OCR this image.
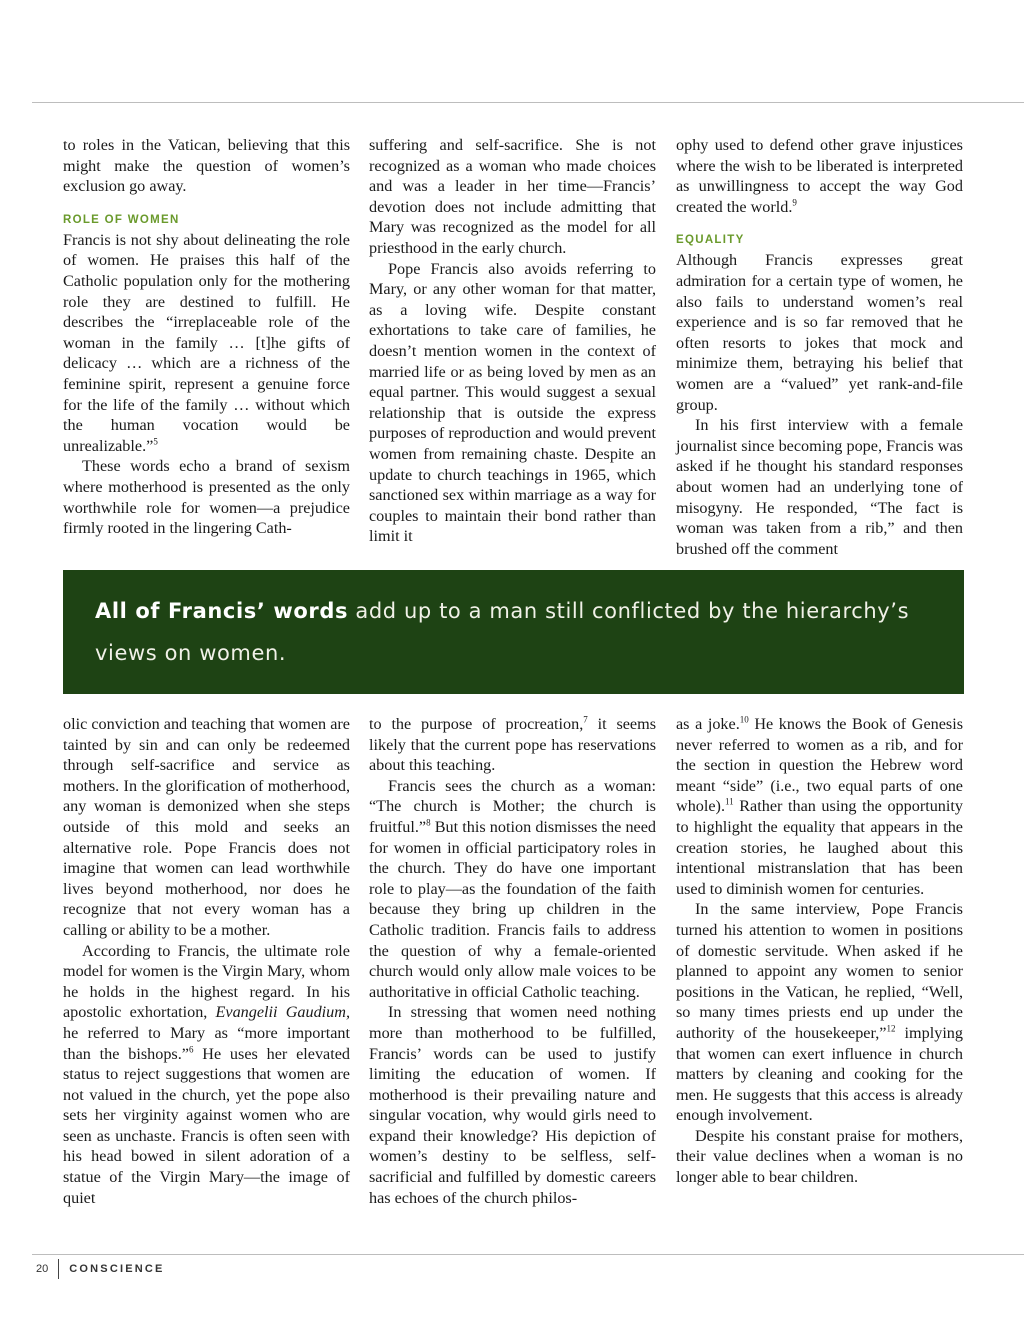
to roles in the Vatican, believing that this might make the question of women’s exclusion go away.

ROLE OF WOMEN

Francis is not shy about delineating the role of women. He praises this half of the Catholic population only for the mothering role they are destined to fulfill. He describes the “irreplaceable role of the woman in the family … [t]he gifts of delicacy … which are a richness of the feminine spirit, represent a genuine force for the life of the family … without which the human vocation would be unrealizable.”$^5$

These words echo a brand of sexism where motherhood is presented as the only worthwhile role for women—a prejudice firmly rooted in the lingering Cath-

suffering and self-sacrifice. She is not recognized as a woman who made choices and was a leader in her time—Francis’ devotion does not include admitting that Mary was recognized as the model for all priesthood in the early church.

Pope Francis also avoids referring to Mary, or any other woman for that matter, as a loving wife. Despite constant exhortations to take care of families, he doesn’t mention women in the context of married life or as being loved by men as an equal partner. This would suggest a sexual relationship that is outside the express purposes of reproduction and would prevent women from remaining chaste. Despite an update to church teachings in 1965, which sanctioned sex within marriage as a way for couples to maintain their bond rather than limit it

ophy used to defend other grave injustices where the wish to be liberated is interpreted as unwillingness to accept the way God created the world.$^9$

EQUALITY

Although Francis expresses great admiration for a certain type of women, he also fails to understand women’s real experience and is so far removed that he often resorts to jokes that mock and minimize them, betraying his belief that women are a “valued” yet rank-and-file group.

In his first interview with a female journalist since becoming pope, Francis was asked if he thought his standard responses about women had an underlying tone of misogyny. He responded, “The fact is woman was taken from a rib,” and then brushed off the comment

All of Francis’ words add up to a man still conflicted by the hierarchy’s views on women.

olic conviction and teaching that women are tainted by sin and can only be redeemed through self-sacrifice and service as mothers. In the glorification of motherhood, any woman is demonized when she steps outside of this mold and seeks an alternative role. Pope Francis does not imagine that women can lead worthwhile lives beyond motherhood, nor does he recognize that not every woman has a calling or ability to be a mother.

According to Francis, the ultimate role model for women is the Virgin Mary, whom he holds in the highest regard. In his apostolic exhortation, Evangelii Gaudium, he referred to Mary as “more important than the bishops.”$^6$ He uses her elevated status to reject suggestions that women are not valued in the church, yet the pope also sets her virginity against women who are seen as unchaste. Francis is often seen with his head bowed in silent adoration of a statue of the Virgin Mary—the image of quiet

to the purpose of procreation,$^7$ it seems likely that the current pope has reservations about this teaching.

Francis sees the church as a woman: “The church is Mother; the church is fruitful.”$^8$ But this notion dismisses the need for women in official participatory roles in the church. They do have one important role to play—as the foundation of the faith because they bring up children in the Catholic tradition. Francis fails to address the question of why a female-oriented church would only allow male voices to be authoritative in official Catholic teaching.

In stressing that women need nothing more than motherhood to be fulfilled, Francis’ words can be used to justify limiting the education of women. If motherhood is their prevailing nature and singular vocation, why would girls need to expand their knowledge? His depiction of women’s destiny to be selfless, self-sacrificial and fulfilled by domestic careers has echoes of the church philos-

as a joke.$^{10}$ He knows the Book of Genesis never referred to women as a rib, and for the section in question the Hebrew word meant “side” (i.e., two equal parts of one whole).$^{11}$ Rather than using the opportunity to highlight the equality that appears in the creation stories, he laughed about this intentional mistranslation that has been used to diminish women for centuries.

In the same interview, Pope Francis turned his attention to women in positions of domestic servitude. When asked if he planned to appoint any women to senior positions in the Vatican, he replied, “Well, so many times priests end up under the authority of the housekeeper,”$^{12}$ implying that women can exert influence in church matters by cleaning and cooking for the men. He suggests that this access is already enough involvement.

Despite his constant praise for mothers, their value declines when a woman is no longer able to bear children.

20 CONSCIENCE
